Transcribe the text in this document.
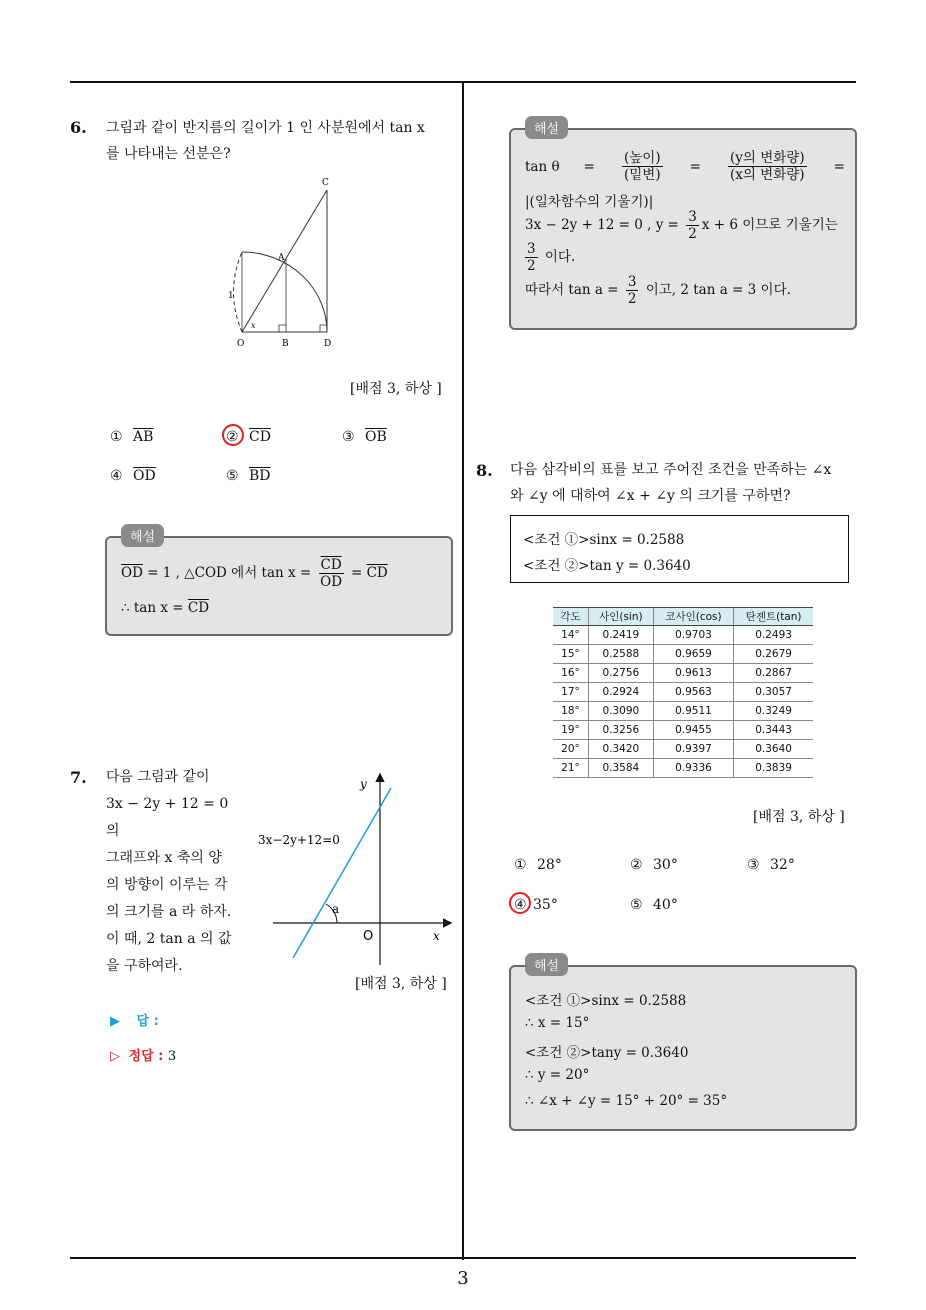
6. 그림과 같이 반지름의 길이가 1 인 사분원에서 tan x
를 나타내는 선분은?
C
A
O	B	D
1
x
[배점 3, 하상 ]
① $\overline{AB}$	② $\overline{CD}$	③ $\overline{OB}$
④ $\overline{OD}$	⑤ $\overline{BD}$
해설
$\overline{OD} = 1$ , △COD 에서 $\tan x = \frac{\overline{CD}}{OD} = \overline{CD}$
∴ $\tan x = \overline{CD}$
7. 다음 그림과 같이
3x − 2y + 12 = 0 의
그래프와 x 축의 양
의 방향이 이루는 각
의 크기를 a 라 하자.
이 때, 2 tan a 의 값
을 구하여라.
y
x
O
a
3x−2y+12=0
[배점 3, 하상 ]
▶ 답 :
▷ 정답 : 3
해설
$\tan \theta = \frac{\text{(높이)}}{\text{(밑변)}} = \frac{\text{(y의 변화량)}}{\text{(x의 변화량)}}$ =
|(일차함수의 기울기)|
3x − 2y + 12 = 0 , $y = \frac{3}{2}$ x + 6 이므로 기울기는
$\frac{3}{2}$ 이다.
따라서 $\tan a = \frac{3}{2}$ 이고, 2 tan a = 3 이다.
8. 다음 삼각비의 표를 보고 주어진 조건을 만족하는 ∠x
와 ∠y 에 대하여 ∠x + ∠y 의 크기를 구하면?
<조건 ①>sinx = 0.2588
<조건 ②>tan y = 0.3640
각도	사인(sin)	코사인(cos)	탄젠트(tan)
14°	0.2419	0.9703	0.2493
15°	0.2588	0.9659	0.2679
16°	0.2756	0.9613	0.2867
17°	0.2924	0.9563	0.3057
18°	0.3090	0.9511	0.3249
19°	0.3256	0.9455	0.3443
20°	0.3420	0.9397	0.3640
21°	0.3584	0.9336	0.3839
[배점 3, 하상 ]
① 28°	② 30°	③ 32°
④ 35°	⑤ 40°
해설
<조건 ①>sinx = 0.2588
∴ x = 15°
<조건 ②>tany = 0.3640
∴ y = 20°
∴ ∠x + ∠y = 15° + 20° = 35°
3
